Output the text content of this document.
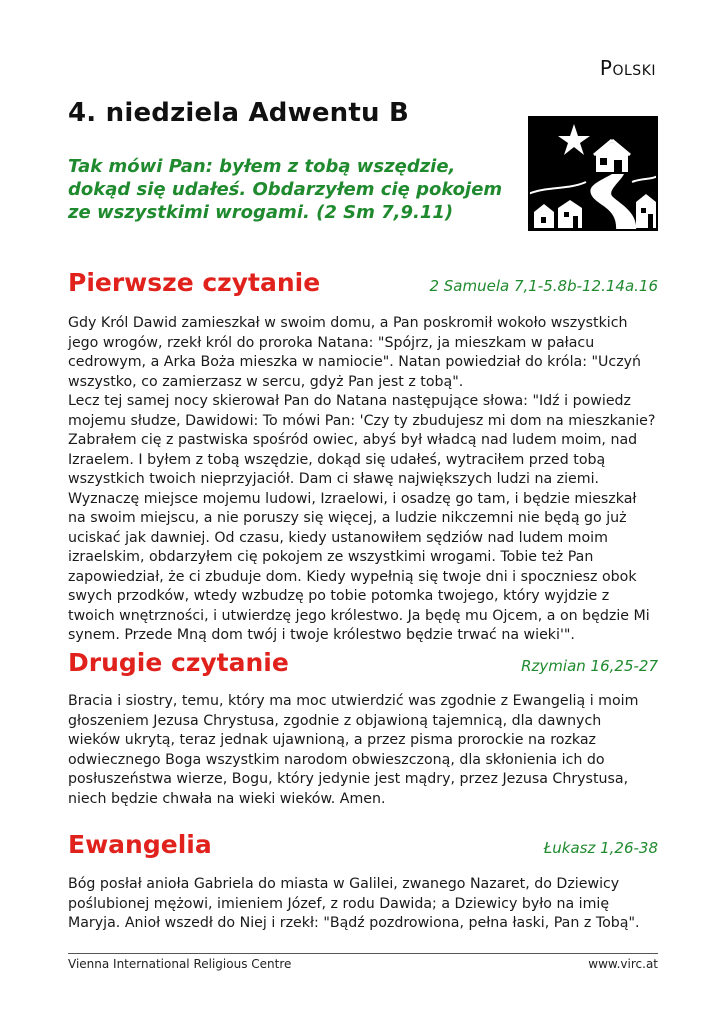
Polski
4. niedziela Adwentu B
Tak mówi Pan: byłem z tobą wszędzie, dokąd się udałeś. Obdarzyłem cię pokojem ze wszystkimi wrogami. (2 Sm 7,9.11)
Pierwsze czytanie	2 Samuela 7,1-5.8b-12.14a.16

Gdy Król Dawid zamieszkał w swoim domu, a Pan poskromił wokoło wszystkich jego wrogów, rzekł król do proroka Natana: "Spójrz, ja mieszkam w pałacu cedrowym, a Arka Boża mieszka w namiocie". Natan powiedział do króla: "Uczyń wszystko, co zamierzasz w sercu, gdyż Pan jest z tobą".

Lecz tej samej nocy skierował Pan do Natana następujące słowa: "Idź i powiedz mojemu słudze, Dawidowi: To mówi Pan: 'Czy ty zbudujesz mi dom na mieszkanie? Zabrałem cię z pastwiska spośród owiec, abyś był władcą nad ludem moim, nad Izraelem. I byłem z tobą wszędzie, dokąd się udałeś, wytraciłem przed tobą wszystkich twoich nieprzyjaciół. Dam ci sławę największych ludzi na ziemi. Wyznaczę miejsce mojemu ludowi, Izraelowi, i osadzę go tam, i będzie mieszkał na swoim miejscu, a nie poruszy się więcej, a ludzie nikczemni nie będą go już uciskać jak dawniej. Od czasu, kiedy ustanowiłem sędziów nad ludem moim izraelskim, obdarzyłem cię pokojem ze wszystkimi wrogami. Tobie też Pan zapowiedział, że ci zbuduje dom. Kiedy wypełnią się twoje dni i spoczniesz obok swych przodków, wtedy wzbudzę po tobie potomka twojego, który wyjdzie z twoich wnętrzności, i utwierdzę jego królestwo. Ja będę mu Ojcem, a on będzie Mi synem. Przede Mną dom twój i twoje królestwo będzie trwać na wieki'".

Drugie czytanie	Rzymian 16,25-27

Bracia i siostry, temu, który ma moc utwierdzić was zgodnie z Ewangelią i moim głoszeniem Jezusa Chrystusa, zgodnie z objawioną tajemnicą, dla dawnych wieków ukrytą, teraz jednak ujawnioną, a przez pisma prorockie na rozkaz odwiecznego Boga wszystkim narodom obwieszczoną, dla skłonienia ich do posłuszeństwa wierze, Bogu, który jedynie jest mądry, przez Jezusa Chrystusa, niech będzie chwała na wieki wieków. Amen.

Ewangelia	Łukasz 1,26-38

Bóg posłał anioła Gabriela do miasta w Galilei, zwanego Nazaret, do Dziewicy poślubionej mężowi, imieniem Józef, z rodu Dawida; a Dziewicy było na imię Maryja. Anioł wszedł do Niej i rzekł: "Bądź pozdrowiona, pełna łaski, Pan z Tobą".

Vienna International Religious Centre	www.virc.at
